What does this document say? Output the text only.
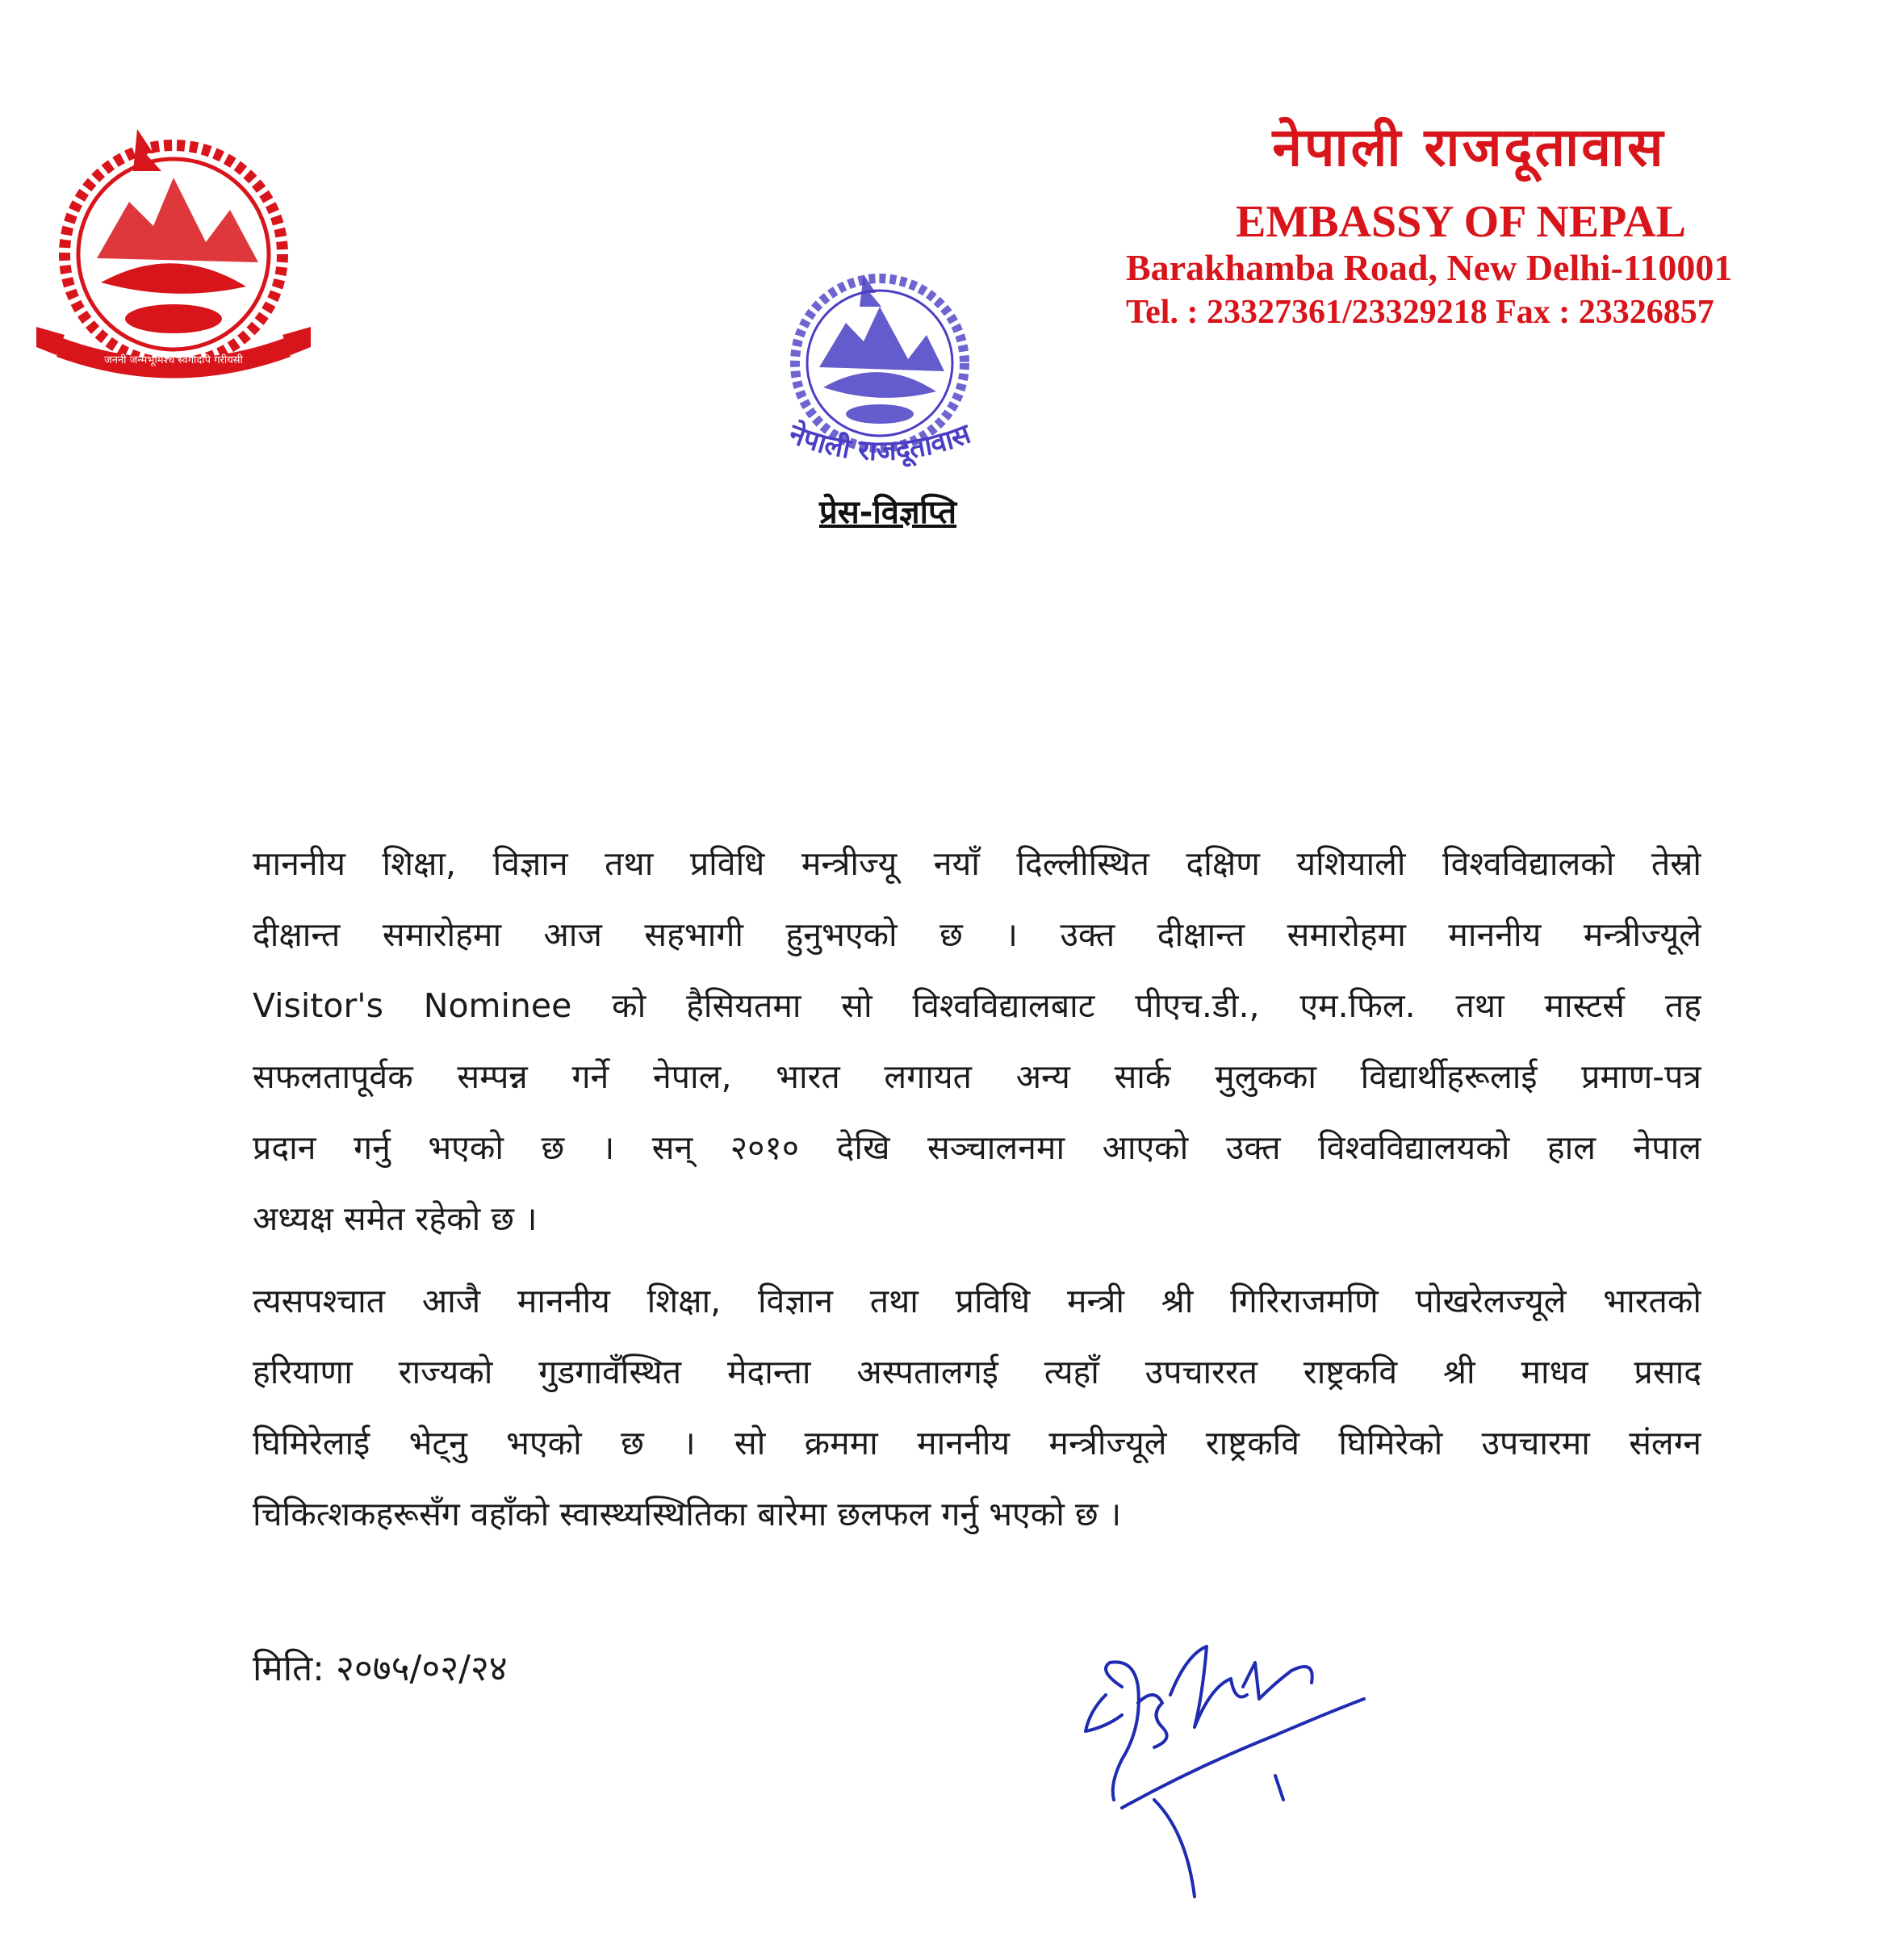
जननी जन्मभूमिश्च स्वर्गादपि गरीयसी
नेपाली राजदूतावास
EMBASSY OF NEPAL
Barakhamba Road, New Delhi-110001
Tel. : 23327361/23329218 Fax : 23326857
नेपाली राजदूतावास
प्रेस-विज्ञप्ति
माननीय शिक्षा, विज्ञान तथा प्रविधि मन्त्रीज्यू नयाँ दिल्लीस्थित दक्षिण यशियाली विश्वविद्यालको तेस्रो
दीक्षान्त समारोहमा आज सहभागी हुनुभएको छ । उक्त दीक्षान्त समारोहमा माननीय मन्त्रीज्यूले
Visitor's Nominee को हैसियतमा सो विश्वविद्यालबाट पीएच.डी., एम.फिल. तथा मास्टर्स तह
सफलतापूर्वक सम्पन्न गर्ने नेपाल, भारत लगायत अन्य सार्क मुलुकका विद्यार्थीहरूलाई प्रमाण-पत्र
प्रदान गर्नु भएको छ । सन् २०१० देखि सञ्चालनमा आएको उक्त विश्वविद्यालयको हाल नेपाल
अध्यक्ष समेत रहेको छ ।
त्यसपश्चात आजै माननीय शिक्षा, विज्ञान तथा प्रविधि मन्त्री श्री गिरिराजमणि पोखरेलज्यूले भारतको
हरियाणा राज्यको गुडगावँस्थित मेदान्ता अस्पतालगई त्यहाँ उपचाररत राष्ट्रकवि श्री माधव प्रसाद
घिमिरेलाई भेट्नु भएको छ । सो क्रममा माननीय मन्त्रीज्यूले राष्ट्रकवि घिमिरेको उपचारमा संलग्न
चिकित्शकहरूसँग वहाँको स्वास्थ्यस्थितिका बारेमा छलफल गर्नु भएको छ ।
मिति: २०७५/०२/२४
